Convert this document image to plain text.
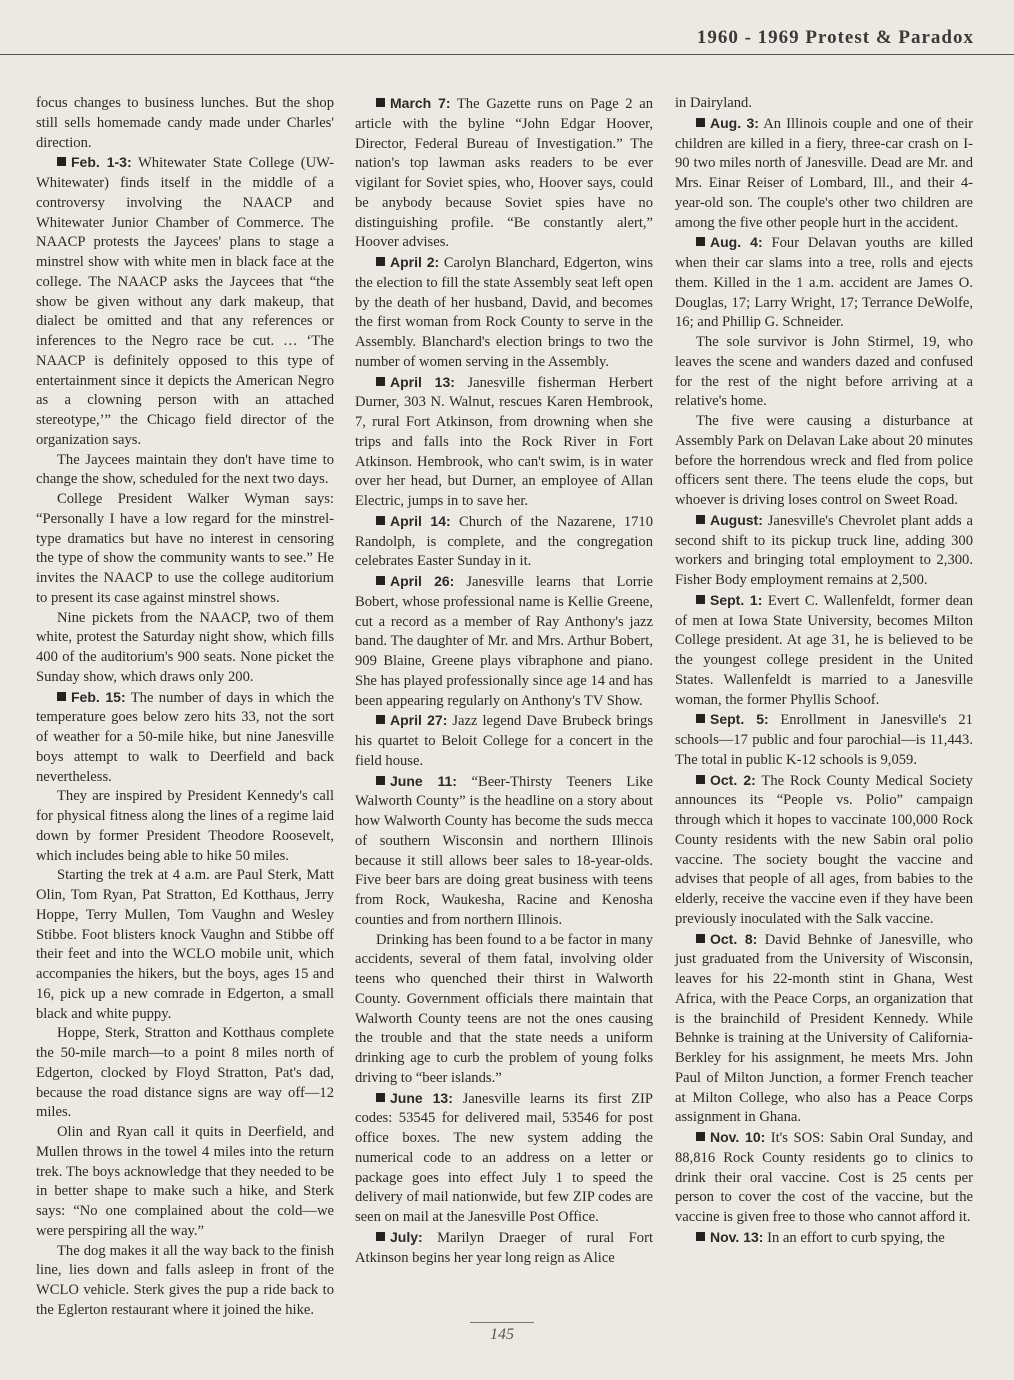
1960 - 1969 Protest & Paradox

focus changes to business lunches. But the shop still sells homemade candy made under Charles' direction.

Feb. 1-3: Whitewater State College (UW-Whitewater) finds itself in the middle of a controversy involving the NAACP and Whitewater Junior Chamber of Commerce. The NAACP protests the Jaycees' plans to stage a minstrel show with white men in black face at the college. The NAACP asks the Jaycees that “the show be given without any dark makeup, that dialect be omitted and that any references or inferences to the Negro race be cut. … ‘The NAACP is definitely opposed to this type of entertainment since it depicts the American Negro as a clowning person with an attached stereotype,’” the Chicago field director of the organization says.

The Jaycees maintain they don't have time to change the show, scheduled for the next two days.

College President Walker Wyman says: “Personally I have a low regard for the minstrel-type dramatics but have no interest in censoring the type of show the community wants to see.” He invites the NAACP to use the college auditorium to present its case against minstrel shows.

Nine pickets from the NAACP, two of them white, protest the Saturday night show, which fills 400 of the auditorium's 900 seats. None picket the Sunday show, which draws only 200.

Feb. 15: The number of days in which the temperature goes below zero hits 33, not the sort of weather for a 50-mile hike, but nine Janesville boys attempt to walk to Deerfield and back nevertheless.

They are inspired by President Kennedy's call for physical fitness along the lines of a regime laid down by former President Theodore Roosevelt, which includes being able to hike 50 miles.

Starting the trek at 4 a.m. are Paul Sterk, Matt Olin, Tom Ryan, Pat Stratton, Ed Kotthaus, Jerry Hoppe, Terry Mullen, Tom Vaughn and Wesley Stibbe. Foot blisters knock Vaughn and Stibbe off their feet and into the WCLO mobile unit, which accompanies the hikers, but the boys, ages 15 and 16, pick up a new comrade in Edgerton, a small black and white puppy.

Hoppe, Sterk, Stratton and Kotthaus complete the 50-mile march—to a point 8 miles north of Edgerton, clocked by Floyd Stratton, Pat's dad, because the road distance signs are way off—12 miles.

Olin and Ryan call it quits in Deerfield, and Mullen throws in the towel 4 miles into the return trek. The boys acknowledge that they needed to be in better shape to make such a hike, and Sterk says: “No one complained about the cold—we were perspiring all the way.”

The dog makes it all the way back to the finish line, lies down and falls asleep in front of the WCLO vehicle. Sterk gives the pup a ride back to the Eglerton restaurant where it joined the hike.

March 7: The Gazette runs on Page 2 an article with the byline “John Edgar Hoover, Director, Federal Bureau of Investigation.” The nation's top lawman asks readers to be ever vigilant for Soviet spies, who, Hoover says, could be anybody because Soviet spies have no distinguishing profile. “Be constantly alert,” Hoover advises.

April 2: Carolyn Blanchard, Edgerton, wins the election to fill the state Assembly seat left open by the death of her husband, David, and becomes the first woman from Rock County to serve in the Assembly. Blanchard's election brings to two the number of women serving in the Assembly.

April 13: Janesville fisherman Herbert Durner, 303 N. Walnut, rescues Karen Hembrook, 7, rural Fort Atkinson, from drowning when she trips and falls into the Rock River in Fort Atkinson. Hembrook, who can't swim, is in water over her head, but Durner, an employee of Allan Electric, jumps in to save her.

April 14: Church of the Nazarene, 1710 Randolph, is complete, and the congregation celebrates Easter Sunday in it.

April 26: Janesville learns that Lorrie Bobert, whose professional name is Kellie Greene, cut a record as a member of Ray Anthony's jazz band. The daughter of Mr. and Mrs. Arthur Bobert, 909 Blaine, Greene plays vibraphone and piano. She has played professionally since age 14 and has been appearing regularly on Anthony's TV Show.

April 27: Jazz legend Dave Brubeck brings his quartet to Beloit College for a concert in the field house.

June 11: “Beer-Thirsty Teeners Like Walworth County” is the headline on a story about how Walworth County has become the suds mecca of southern Wisconsin and northern Illinois because it still allows beer sales to 18-year-olds. Five beer bars are doing great business with teens from Rock, Waukesha, Racine and Kenosha counties and from northern Illinois.

Drinking has been found to a be factor in many accidents, several of them fatal, involving older teens who quenched their thirst in Walworth County. Government officials there maintain that Walworth County teens are not the ones causing the trouble and that the state needs a uniform drinking age to curb the problem of young folks driving to “beer islands.”

June 13: Janesville learns its first ZIP codes: 53545 for delivered mail, 53546 for post office boxes. The new system adding the numerical code to an address on a letter or package goes into effect July 1 to speed the delivery of mail nationwide, but few ZIP codes are seen on mail at the Janesville Post Office.

July: Marilyn Draeger of rural Fort Atkinson begins her year long reign as Alice

in Dairyland.

Aug. 3: An Illinois couple and one of their children are killed in a fiery, three-car crash on I-90 two miles north of Janesville. Dead are Mr. and Mrs. Einar Reiser of Lombard, Ill., and their 4-year-old son. The couple's other two children are among the five other people hurt in the accident.

Aug. 4: Four Delavan youths are killed when their car slams into a tree, rolls and ejects them. Killed in the 1 a.m. accident are James O. Douglas, 17; Larry Wright, 17; Terrance DeWolfe, 16; and Phillip G. Schneider.

The sole survivor is John Stirmel, 19, who leaves the scene and wanders dazed and confused for the rest of the night before arriving at a relative's home.

The five were causing a disturbance at Assembly Park on Delavan Lake about 20 minutes before the horrendous wreck and fled from police officers sent there. The teens elude the cops, but whoever is driving loses control on Sweet Road.

August: Janesville's Chevrolet plant adds a second shift to its pickup truck line, adding 300 workers and bringing total employment to 2,300. Fisher Body employment remains at 2,500.

Sept. 1: Evert C. Wallenfeldt, former dean of men at Iowa State University, becomes Milton College president. At age 31, he is believed to be the youngest college president in the United States. Wallenfeldt is married to a Janesville woman, the former Phyllis Schoof.

Sept. 5: Enrollment in Janesville's 21 schools—17 public and four parochial—is 11,443. The total in public K-12 schools is 9,059.

Oct. 2: The Rock County Medical Society announces its “People vs. Polio” campaign through which it hopes to vaccinate 100,000 Rock County residents with the new Sabin oral polio vaccine. The society bought the vaccine and advises that people of all ages, from babies to the elderly, receive the vaccine even if they have been previously inoculated with the Salk vaccine.

Oct. 8: David Behnke of Janesville, who just graduated from the University of Wisconsin, leaves for his 22-month stint in Ghana, West Africa, with the Peace Corps, an organization that is the brainchild of President Kennedy. While Behnke is training at the University of California-Berkley for his assignment, he meets Mrs. John Paul of Milton Junction, a former French teacher at Milton College, who also has a Peace Corps assignment in Ghana.

Nov. 10: It's SOS: Sabin Oral Sunday, and 88,816 Rock County residents go to clinics to drink their oral vaccine. Cost is 25 cents per person to cover the cost of the vaccine, but the vaccine is given free to those who cannot afford it.

Nov. 13: In an effort to curb spying, the

145
